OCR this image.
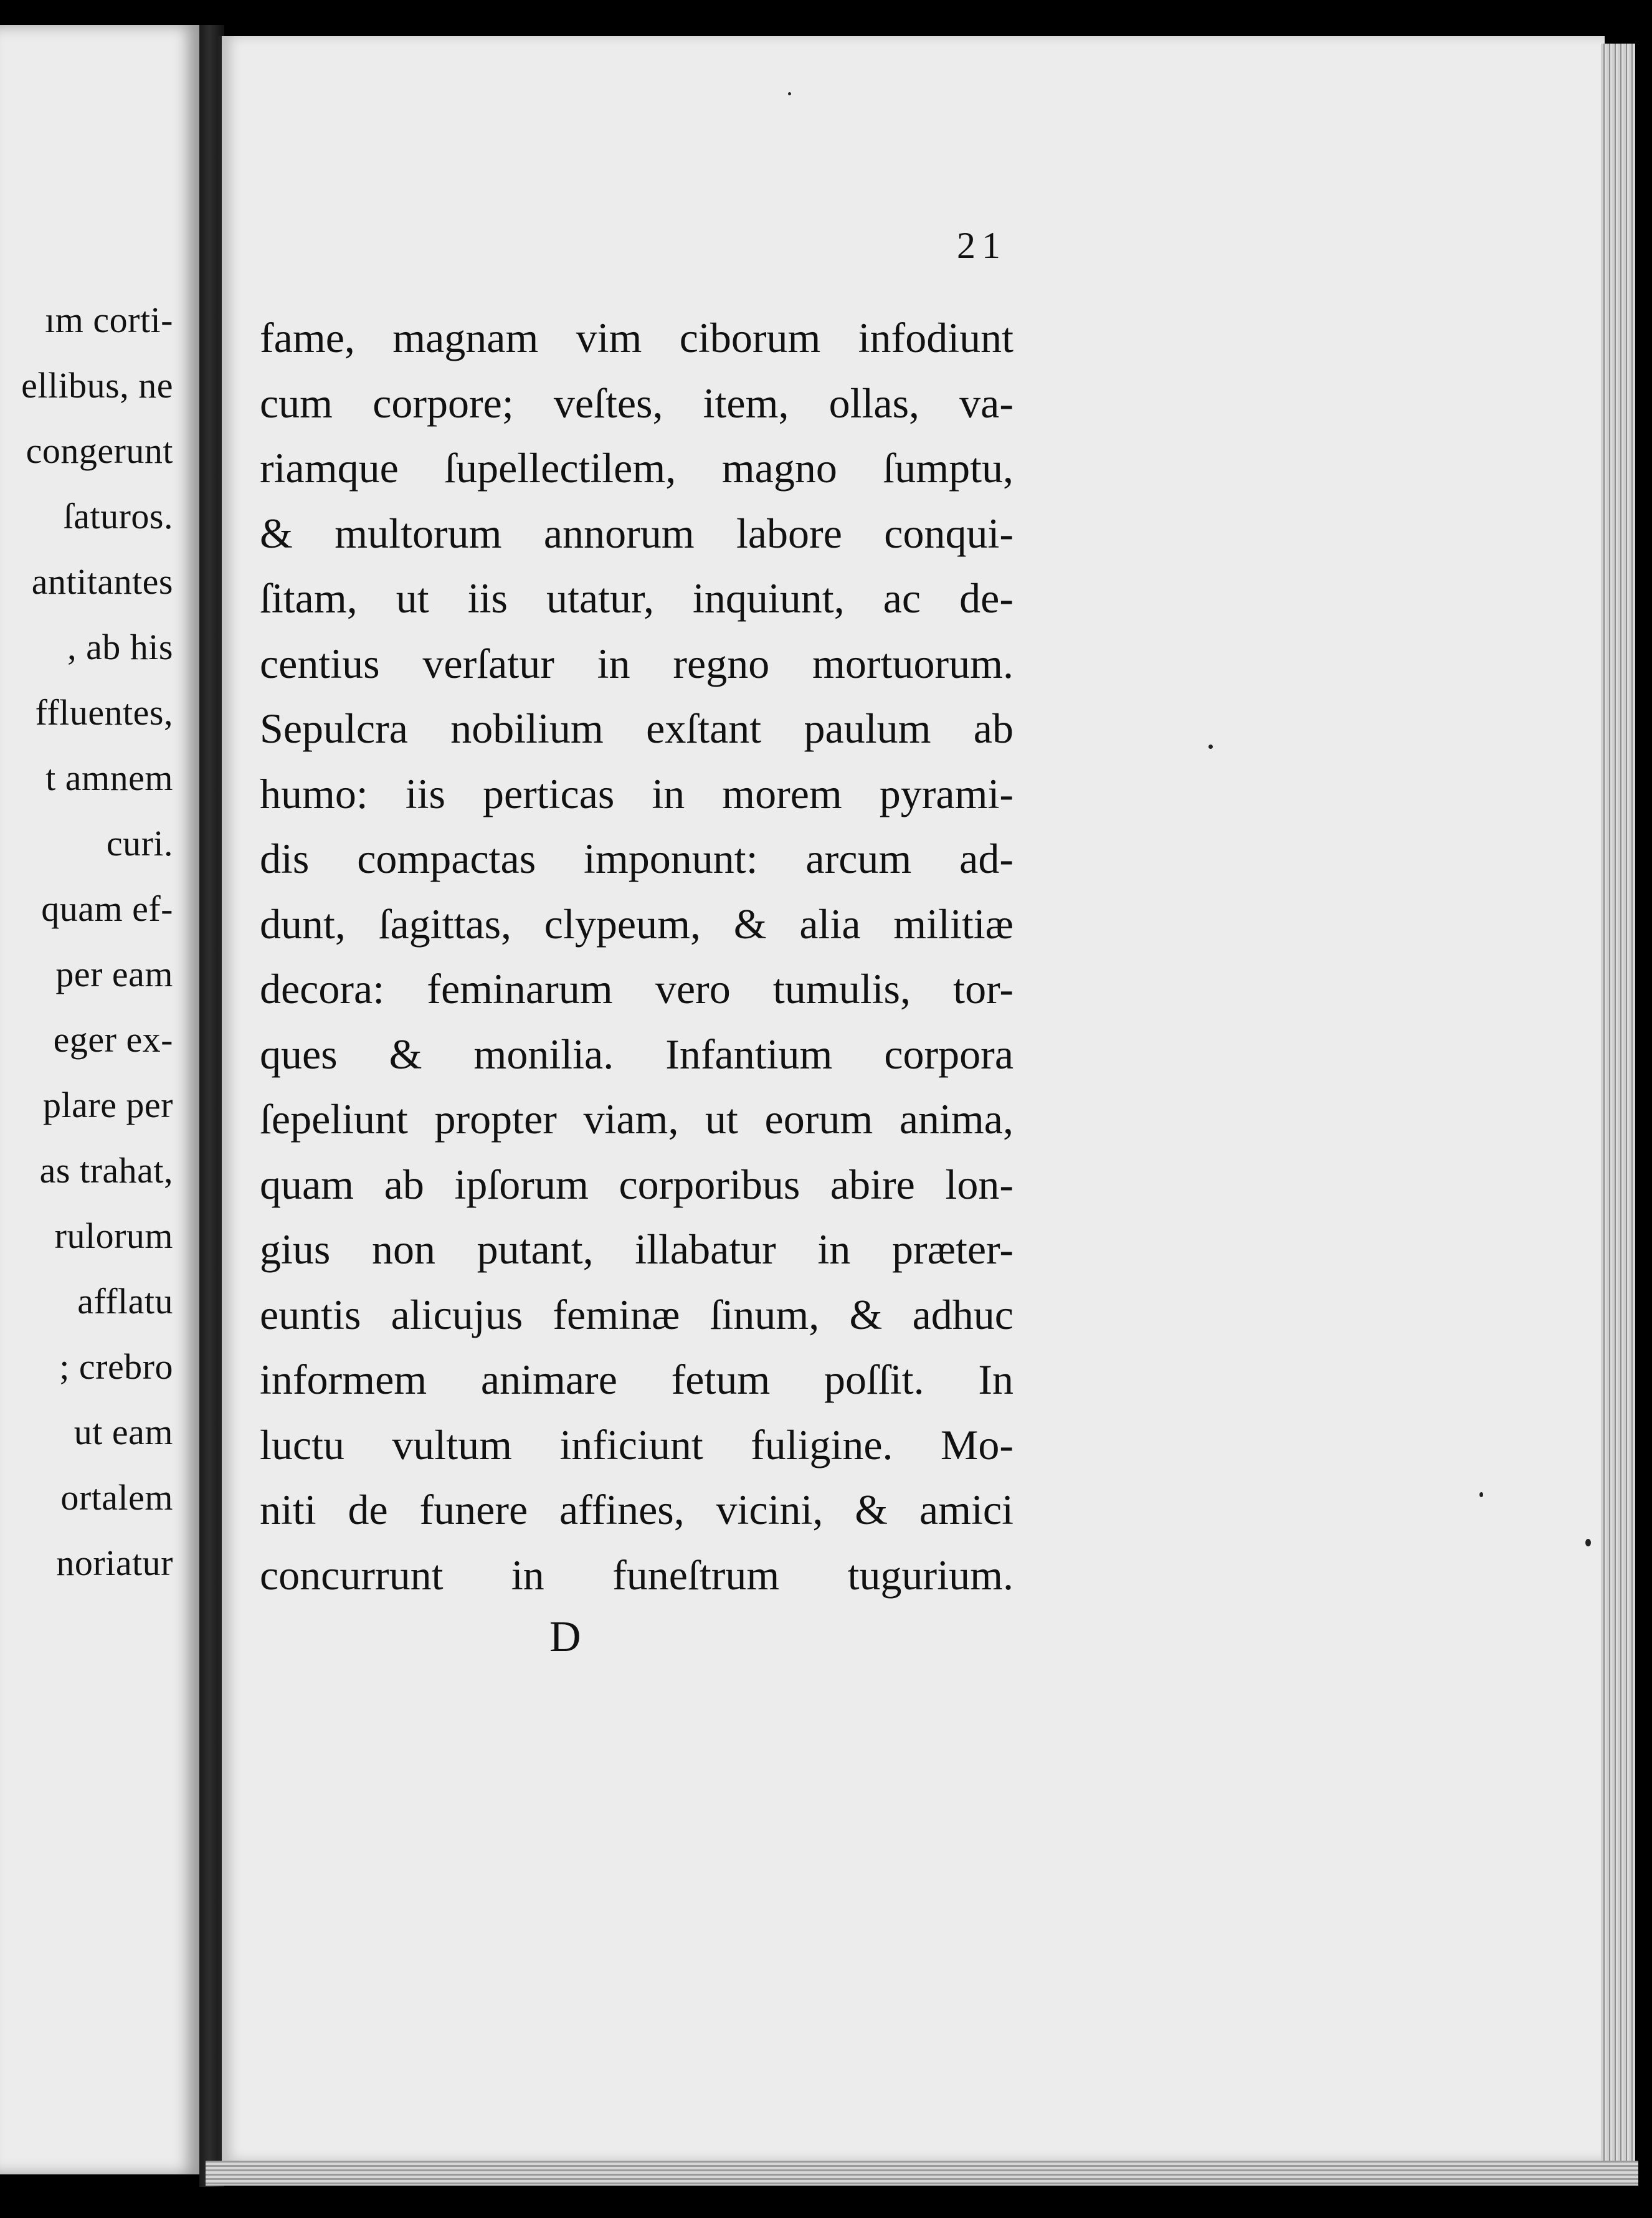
ım corti-
ellibus, ne
congerunt
ſaturos.
antitantes
, ab his
ffluentes,
t amnem
curi.
quam ef-
per eam
eger ex-
plare per
as trahat,
rulorum
afflatu
; crebro
ut eam
ortalem
noriatur
21
fame, magnam vim ciborum infodiunt
cum corpore; veſtes, item, ollas, va-
riamque ſupellectilem, magno ſumptu,
& multorum annorum labore conqui-
ſitam, ut iis utatur, inquiunt, ac de-
centius verſatur in regno mortuorum.
Sepulcra nobilium exſtant paulum ab
humo: iis perticas in morem pyrami-
dis compactas imponunt: arcum ad-
dunt, ſagittas, clypeum, & alia militiæ
decora: feminarum vero tumulis, tor-
ques & monilia. Infantium corpora
ſepeliunt propter viam, ut eorum anima,
quam ab ipſorum corporibus abire lon-
gius non putant, illabatur in præter-
euntis alicujus feminæ ſinum, & adhuc
informem animare fetum poſſit. In
luctu vultum inficiunt fuligine. Mo-
niti de funere affines, vicini, & amici
concurrunt in funeſtrum tugurium.
D
